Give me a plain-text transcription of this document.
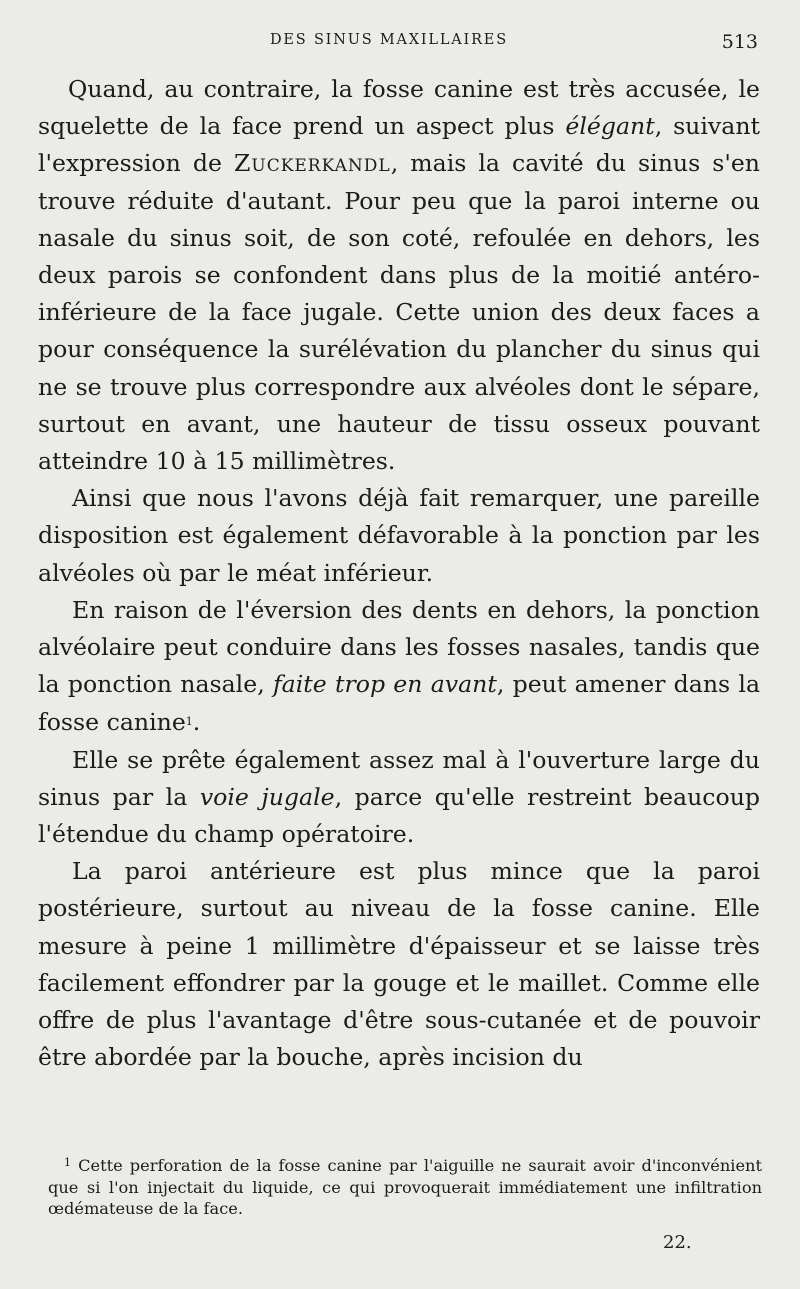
DES SINUS MAXILLAIRES	513

Quand, au contraire, la fosse canine est très accusée, le squelette de la face prend un aspect plus élégant, suivant l'expression de Zuckerkandl, mais la cavité du sinus s'en trouve réduite d'autant. Pour peu que la paroi interne ou nasale du sinus soit, de son coté, refoulée en dehors, les deux parois se confondent dans plus de la moitié antéro-inférieure de la face jugale. Cette union des deux faces a pour conséquence la surélévation du plancher du sinus qui ne se trouve plus correspondre aux alvéoles dont le sépare, surtout en avant, une hauteur de tissu osseux pouvant atteindre 10 à 15 millimètres.

Ainsi que nous l'avons déjà fait remarquer, une pareille disposition est également défavorable à la ponction par les alvéoles où par le méat inférieur.

En raison de l'éversion des dents en dehors, la ponction alvéolaire peut conduire dans les fosses nasales, tandis que la ponction nasale, faite trop en avant, peut amener dans la fosse canine$^1$.

Elle se prête également assez mal à l'ouverture large du sinus par la voie jugale, parce qu'elle restreint beaucoup l'étendue du champ opératoire.

La paroi antérieure est plus mince que la paroi postérieure, surtout au niveau de la fosse canine. Elle mesure à peine 1 millimètre d'épaisseur et se laisse très facilement effondrer par la gouge et le maillet. Comme elle offre de plus l'avantage d'être sous-cutanée et de pouvoir être abordée par la bouche, après incision du

$^1$ Cette perforation de la fosse canine par l'aiguille ne saurait avoir d'inconvénient que si l'on injectait du liquide, ce qui provoquerait immédiatement une infiltration œdémateuse de la face.

22.
